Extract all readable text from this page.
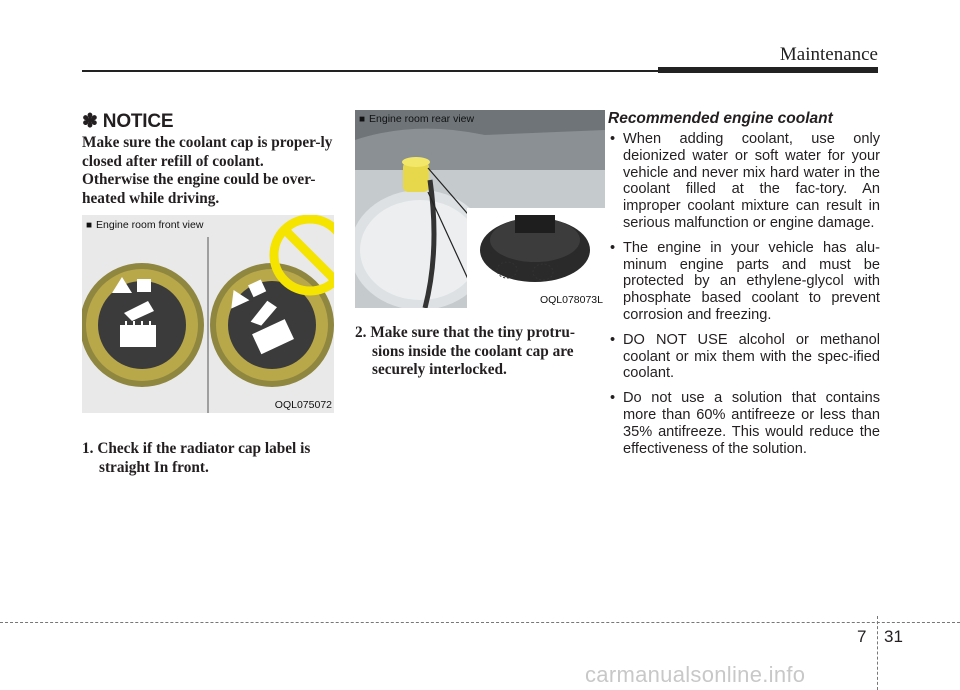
Maintenance
✽ NOTICE
Make sure the coolant cap is proper-ly closed after refill of coolant. Otherwise the engine could be over-heated while driving.
■ Engine room front view
OQL075072
1. Check if the radiator cap label is
straight In front.
■ Engine room rear view
OQL078073L
2. Make sure that the tiny protru-
sions inside the coolant cap are
securely interlocked.
Recommended engine coolant
• When adding coolant, use only deionized water or soft water for your vehicle and never mix hard water in the coolant filled at the fac-tory. An improper coolant mixture can result in serious malfunction or engine damage.
• The engine in your vehicle has alu-minum engine parts and must be protected by an ethylene-glycol with phosphate based coolant to prevent corrosion and freezing.
• DO NOT USE alcohol or methanol coolant or mix them with the spec-ified coolant.
• Do not use a solution that contains more than 60% antifreeze or less than 35% antifreeze. This would reduce the effectiveness of the solution.
7 31
carmanualsonline.info
